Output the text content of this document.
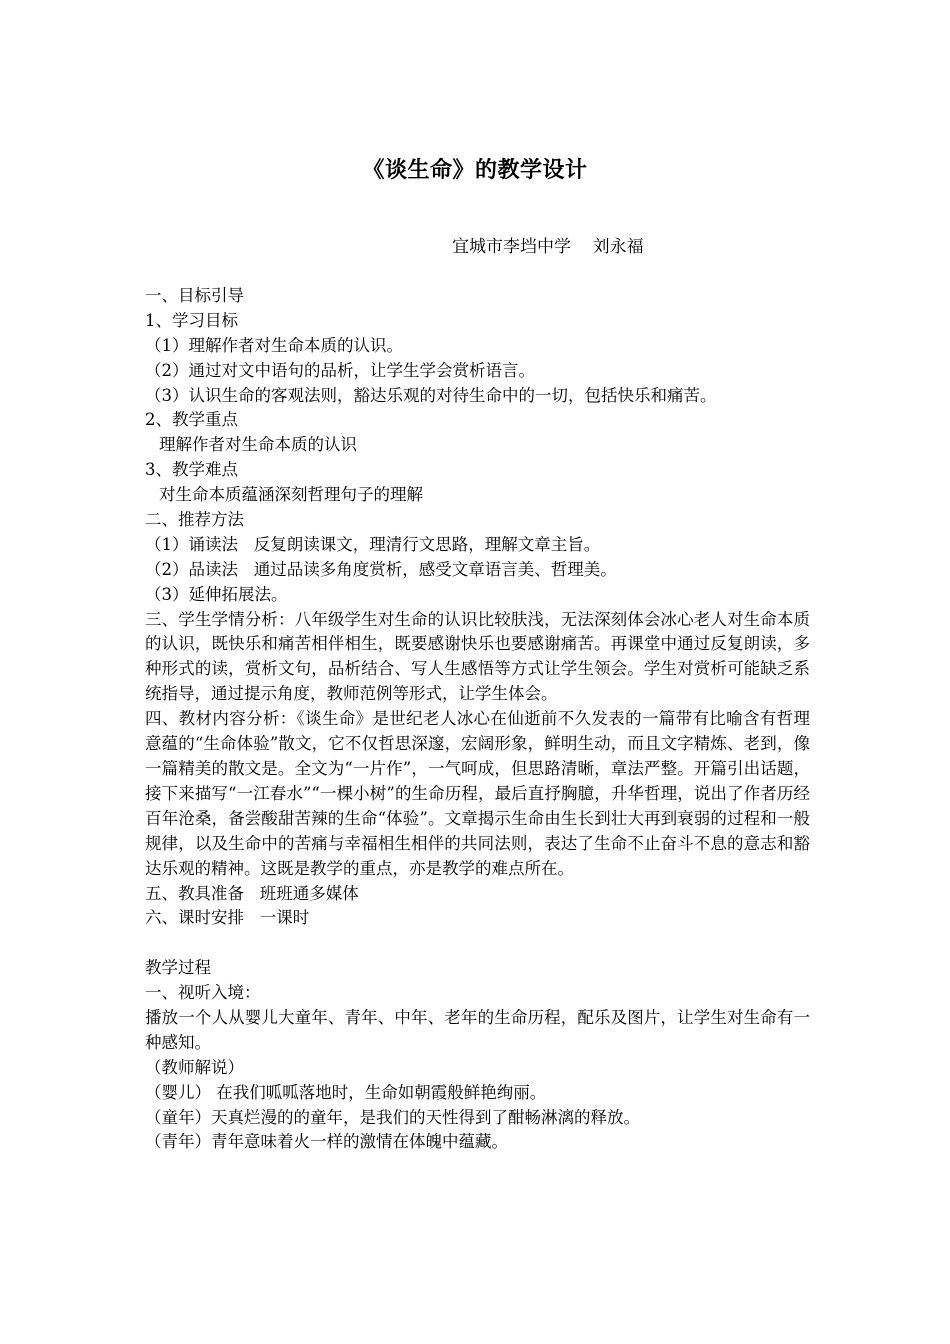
《谈生命》的教学设计
宜城市李垱中学    刘永福
一、目标引导
1、学习目标
（1）理解作者对生命本质的认识。
（2）通过对文中语句的品析，让学生学会赏析语言。
（3）认识生命的客观法则，豁达乐观的对待生命中的一切，包括快乐和痛苦。
2、教学重点
理解作者对生命本质的认识
3、教学难点
对生命本质蕴涵深刻哲理句子的理解
二、推荐方法
（1）诵读法   反复朗读课文，理清行文思路，理解文章主旨。
（2）品读法   通过品读多角度赏析，感受文章语言美、哲理美。
（3）延伸拓展法。
三、学生学情分析：八年级学生对生命的认识比较肤浅，无法深刻体会冰心老人对生命本质的认识，既快乐和痛苦相伴相生，既要感谢快乐也要感谢痛苦。再课堂中通过反复朗读，多种形式的读，赏析文句，品析结合、写人生感悟等方式让学生领会。学生对赏析可能缺乏系统指导，通过提示角度，教师范例等形式，让学生体会。
四、教材内容分析：《谈生命》是世纪老人冰心在仙逝前不久发表的一篇带有比喻含有哲理意蕴的“生命体验”散文，它不仅哲思深邃，宏阔形象，鲜明生动，而且文字精炼、老到，像一篇精美的散文是。全文为“一片作”，一气呵成，但思路清晰，章法严整。开篇引出话题，接下来描写“一江春水”“一棵小树”的生命历程，最后直抒胸臆，升华哲理，说出了作者历经百年沧桑，备尝酸甜苦辣的生命“体验”。文章揭示生命由生长到壮大再到衰弱的过程和一般规律，以及生命中的苦痛与幸福相生相伴的共同法则，表达了生命不止奋斗不息的意志和豁达乐观的精神。这既是教学的重点，亦是教学的难点所在。
五、教具准备   班班通多媒体
六、课时安排   一课时
教学过程
一、视听入境：
播放一个人从婴儿大童年、青年、中年、老年的生命历程，配乐及图片，让学生对生命有一种感知。
（教师解说）
（婴儿） 在我们呱呱落地时，生命如朝霞般鲜艳绚丽。
（童年）天真烂漫的的童年，是我们的天性得到了酣畅淋漓的释放。
（青年）青年意味着火一样的激情在体魄中蕴藏。
